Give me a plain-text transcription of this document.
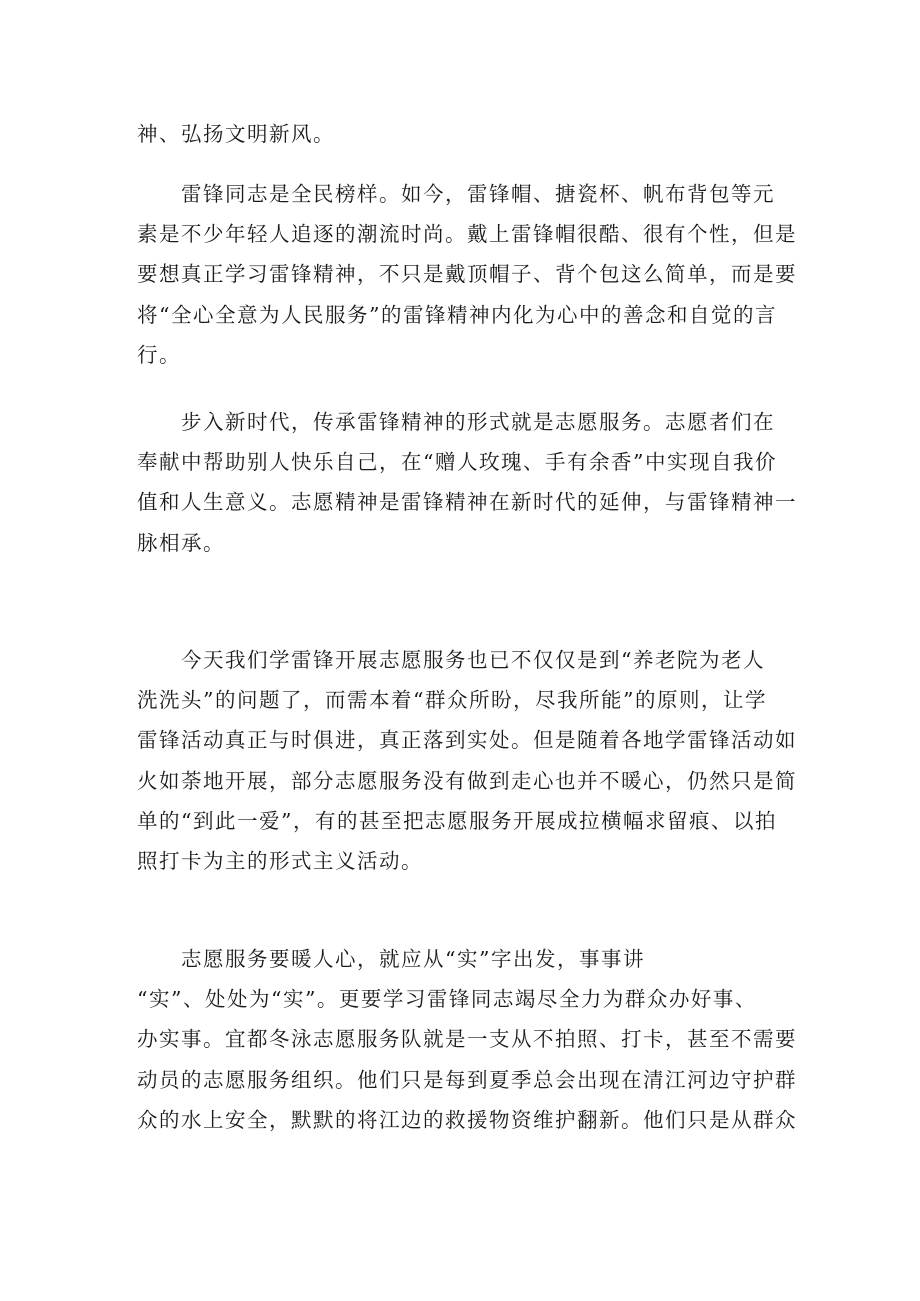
神、弘扬文明新风。
雷锋同志是全民榜样。如今，雷锋帽、搪瓷杯、帆布背包等元
素是不少年轻人追逐的潮流时尚。戴上雷锋帽很酷、很有个性，但是
要想真正学习雷锋精神，不只是戴顶帽子、背个包这么简单，而是要
将“全心全意为人民服务”的雷锋精神内化为心中的善念和自觉的言
行。
步入新时代，传承雷锋精神的形式就是志愿服务。志愿者们在
奉献中帮助别人快乐自己，在“赠人玫瑰、手有余香”中实现自我价
值和人生意义。志愿精神是雷锋精神在新时代的延伸，与雷锋精神一
脉相承。
今天我们学雷锋开展志愿服务也已不仅仅是到“养老院为老人
洗洗头”的问题了，而需本着“群众所盼，尽我所能”的原则，让学
雷锋活动真正与时俱进，真正落到实处。但是随着各地学雷锋活动如
火如荼地开展，部分志愿服务没有做到走心也并不暖心，仍然只是简
单的“到此一爱”，有的甚至把志愿服务开展成拉横幅求留痕、以拍
照打卡为主的形式主义活动。
志愿服务要暖人心，就应从“实”字出发，事事讲
“实”、处处为“实”。更要学习雷锋同志竭尽全力为群众办好事、
办实事。宜都冬泳志愿服务队就是一支从不拍照、打卡，甚至不需要
动员的志愿服务组织。他们只是每到夏季总会出现在清江河边守护群
众的水上安全，默默的将江边的救援物资维护翻新。他们只是从群众
